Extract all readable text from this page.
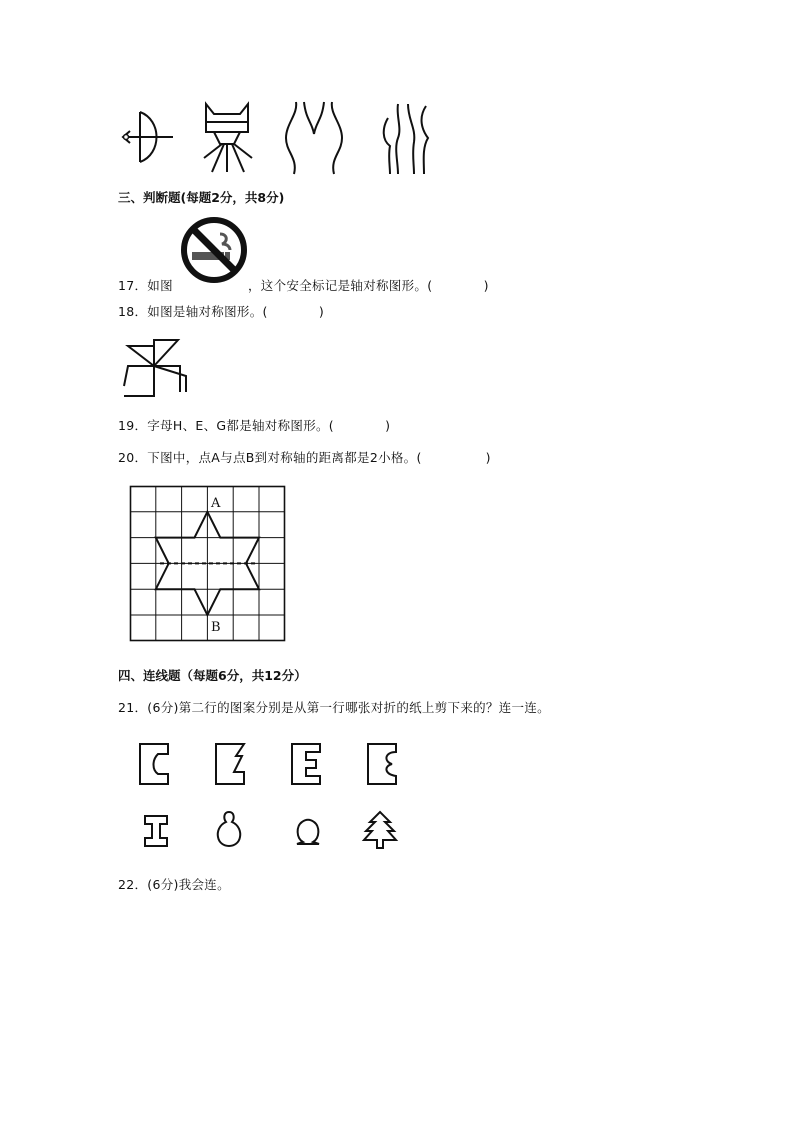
三、判断题(每题2分，共8分)
17．如图	，这个安全标记是轴对称图形。(　　　　)
18．如图是轴对称图形。(　　　　)
19．字母H、E、G都是轴对称图形。(　　　　)
20．下图中，点A与点B到对称轴的距离都是2小格。(　　　　　)
A
B
四、连线题（每题6分，共12分）
21．(6分)第二行的图案分别是从第一行哪张对折的纸上剪下来的？连一连。
22．(6分)我会连。
